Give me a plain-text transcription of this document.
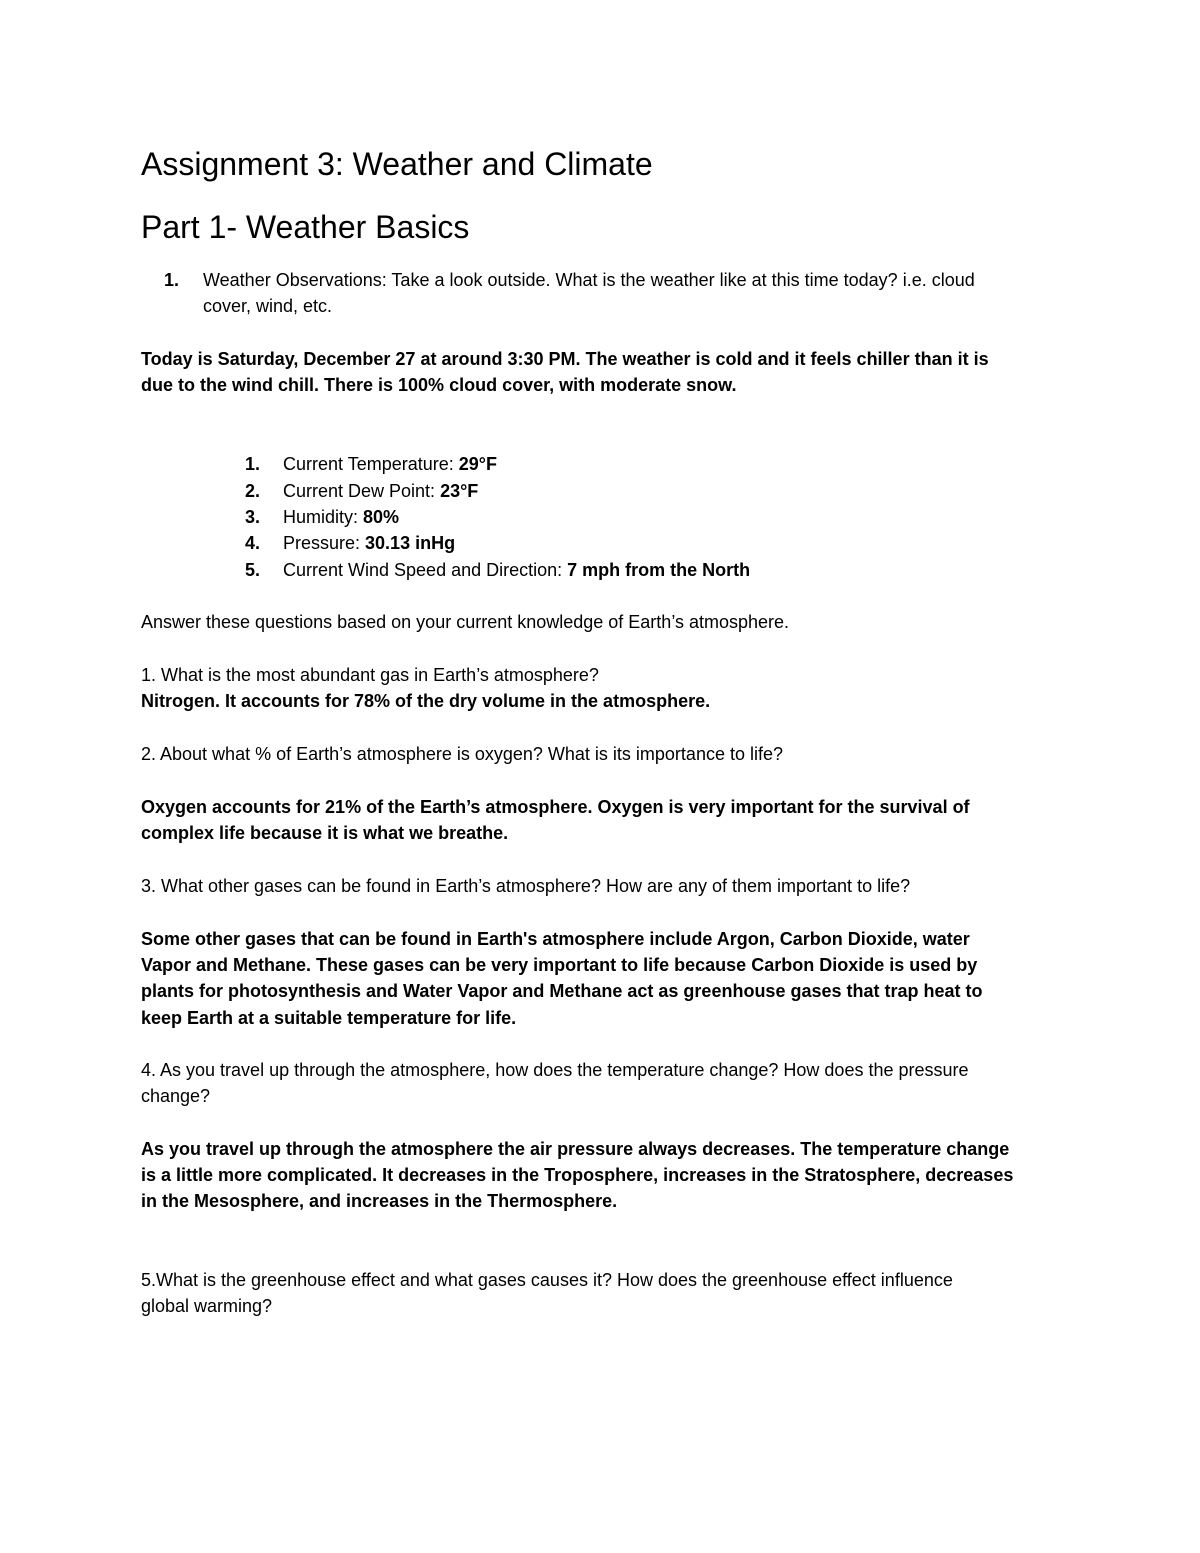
Assignment 3: Weather and Climate
Part 1- Weather Basics
1. Weather Observations: Take a look outside. What is the weather like at this time today? i.e. cloud
cover, wind, etc.
Today is Saturday, December 27 at around 3:30 PM. The weather is cold and it feels chiller than it is
due to the wind chill. There is 100% cloud cover, with moderate snow.
1. Current Temperature: 29°F
2. Current Dew Point: 23°F
3. Humidity: 80%
4. Pressure: 30.13 inHg
5. Current Wind Speed and Direction: 7 mph from the North
Answer these questions based on your current knowledge of Earth’s atmosphere.
1. What is the most abundant gas in Earth’s atmosphere?
Nitrogen. It accounts for 78% of the dry volume in the atmosphere.
2. About what % of Earth’s atmosphere is oxygen? What is its importance to life?
Oxygen accounts for 21% of the Earth’s atmosphere. Oxygen is very important for the survival of
complex life because it is what we breathe.
3. What other gases can be found in Earth’s atmosphere? How are any of them important to life?
Some other gases that can be found in Earth's atmosphere include Argon, Carbon Dioxide, water
Vapor and Methane. These gases can be very important to life because Carbon Dioxide is used by
plants for photosynthesis and Water Vapor and Methane act as greenhouse gases that trap heat to
keep Earth at a suitable temperature for life.
4. As you travel up through the atmosphere, how does the temperature change? How does the pressure
change?
As you travel up through the atmosphere the air pressure always decreases. The temperature change
is a little more complicated. It decreases in the Troposphere, increases in the Stratosphere, decreases
in the Mesosphere, and increases in the Thermosphere.
5.What is the greenhouse effect and what gases causes it? How does the greenhouse effect influence
global warming?
